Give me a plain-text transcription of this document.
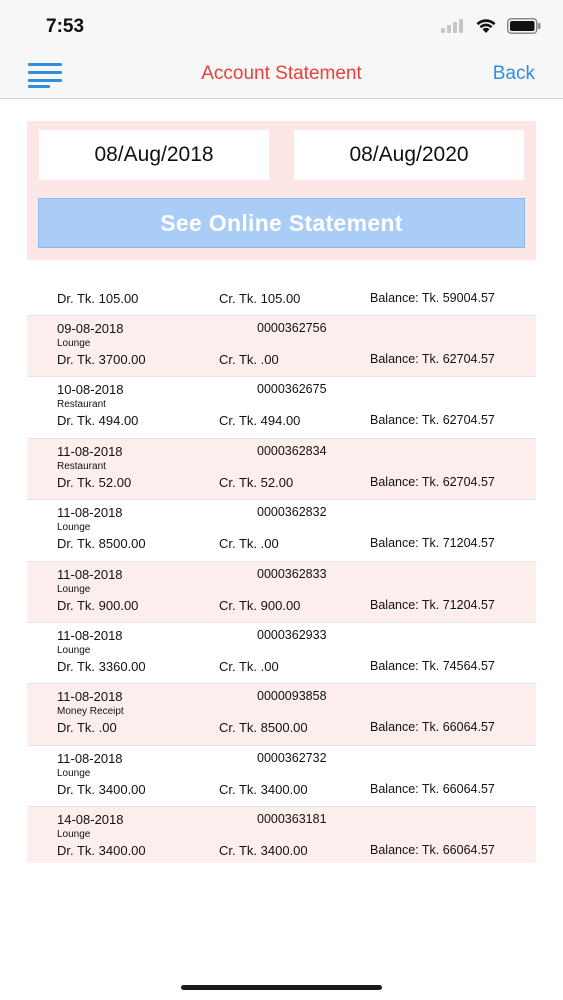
7:53
Account Statement	Back
08/Aug/2018	08/Aug/2020
See Online Statement
Dr. Tk. 105.00	Cr. Tk. 105.00	Balance: Tk. 59004.57
09-08-2018	0000362756
Lounge
Dr. Tk. 3700.00	Cr. Tk. .00	Balance: Tk. 62704.57
10-08-2018	0000362675
Restaurant
Dr. Tk. 494.00	Cr. Tk. 494.00	Balance: Tk. 62704.57
11-08-2018	0000362834
Restaurant
Dr. Tk. 52.00	Cr. Tk. 52.00	Balance: Tk. 62704.57
11-08-2018	0000362832
Lounge
Dr. Tk. 8500.00	Cr. Tk. .00	Balance: Tk. 71204.57
11-08-2018	0000362833
Lounge
Dr. Tk. 900.00	Cr. Tk. 900.00	Balance: Tk. 71204.57
11-08-2018	0000362933
Lounge
Dr. Tk. 3360.00	Cr. Tk. .00	Balance: Tk. 74564.57
11-08-2018	0000093858
Money Receipt
Dr. Tk. .00	Cr. Tk. 8500.00	Balance: Tk. 66064.57
11-08-2018	0000362732
Lounge
Dr. Tk. 3400.00	Cr. Tk. 3400.00	Balance: Tk. 66064.57
14-08-2018	0000363181
Lounge
Dr. Tk. 3400.00	Cr. Tk. 3400.00	Balance: Tk. 66064.57
